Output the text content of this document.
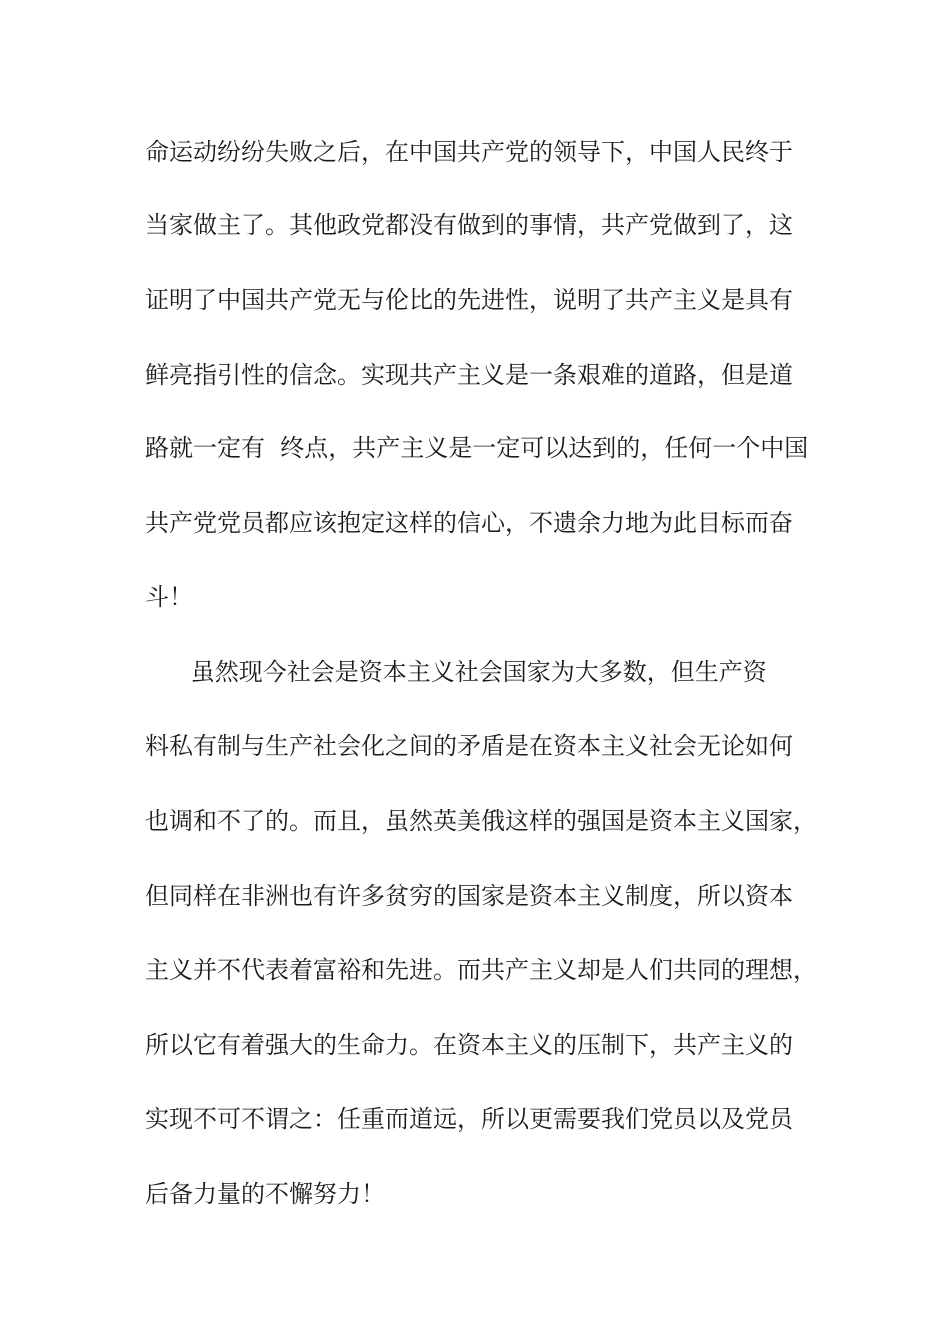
命运动纷纷失败之后，在中国共产党的领导下，中国人民终于
当家做主了。其他政党都没有做到的事情，共产党做到了，这
证明了中国共产党无与伦比的先进性，说明了共产主义是具有
鲜亮指引性的信念。实现共产主义是一条艰难的道路，但是道
路就一定有  终点，共产主义是一定可以达到的，任何一个中国
共产党党员都应该抱定这样的信心，不遗余力地为此目标而奋
斗！
虽然现今社会是资本主义社会国家为大多数，但生产资
料私有制与生产社会化之间的矛盾是在资本主义社会无论如何
也调和不了的。而且，虽然英美俄这样的强国是资本主义国家，
但同样在非洲也有许多贫穷的国家是资本主义制度，所以资本
主义并不代表着富裕和先进。而共产主义却是人们共同的理想，
所以它有着强大的生命力。在资本主义的压制下，共产主义的
实现不可不谓之：任重而道远，所以更需要我们党员以及党员
后备力量的不懈努力！
